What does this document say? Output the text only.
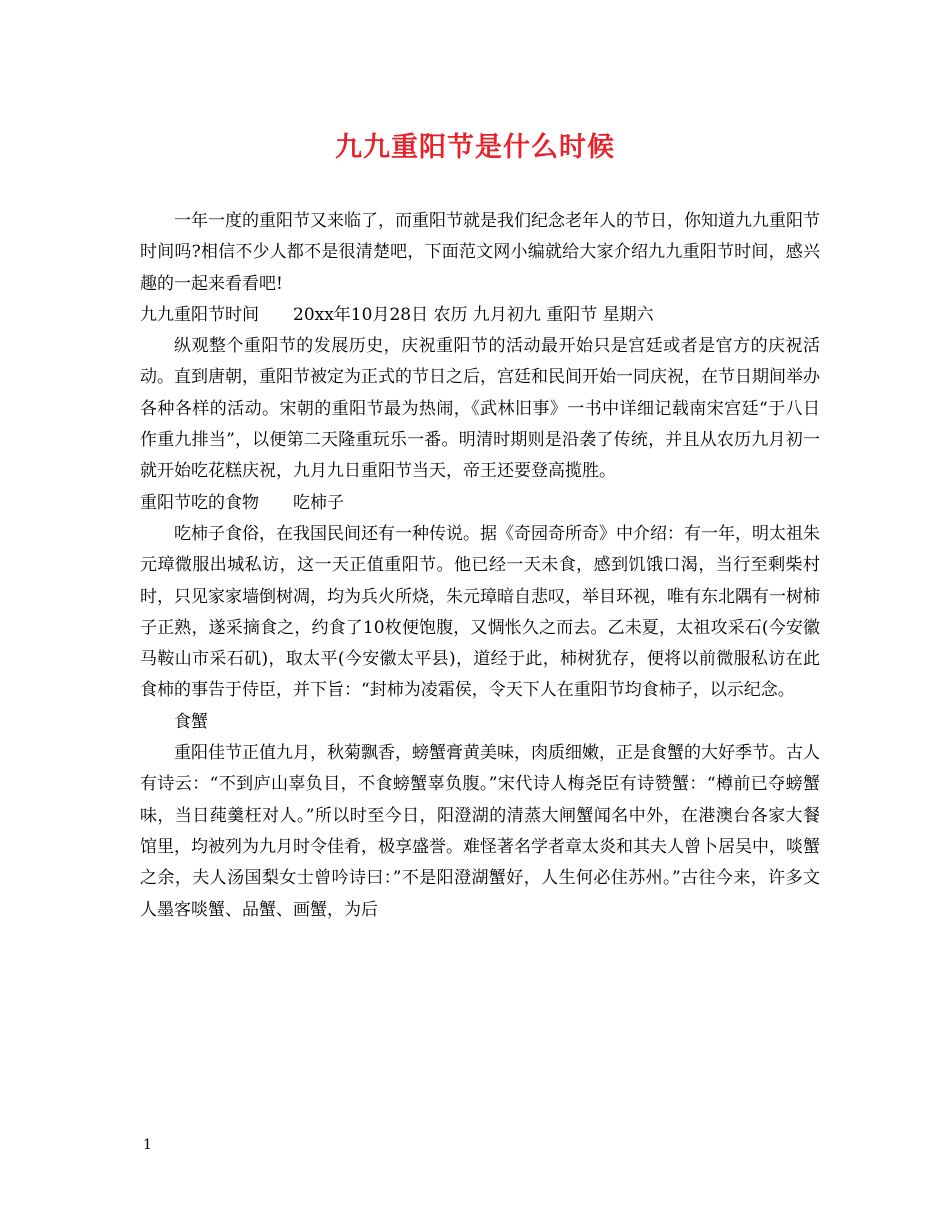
九九重阳节是什么时候

一年一度的重阳节又来临了，而重阳节就是我们纪念老年人的节日，你知道九九重阳节时间吗?相信不少人都不是很清楚吧，下面范文网小编就给大家介绍九九重阳节时间，感兴趣的一起来看看吧!

九九重阳节时间　　20xx年10月28日 农历 九月初九 重阳节 星期六

纵观整个重阳节的发展历史，庆祝重阳节的活动最开始只是宫廷或者是官方的庆祝活动。直到唐朝，重阳节被定为正式的节日之后，宫廷和民间开始一同庆祝，在节日期间举办各种各样的活动。宋朝的重阳节最为热闹，《武林旧事》一书中详细记载南宋宫廷“于八日作重九排当”，以便第二天隆重玩乐一番。明清时期则是沿袭了传统，并且从农历九月初一就开始吃花糕庆祝，九月九日重阳节当天，帝王还要登高揽胜。

重阳节吃的食物　　吃柿子

吃柿子食俗，在我国民间还有一种传说。据《奇园奇所奇》中介绍：有一年，明太祖朱元璋微服出城私访，这一天正值重阳节。他已经一天未食，感到饥饿口渴，当行至剩柴村时，只见家家墙倒树凋，均为兵火所烧，朱元璋暗自悲叹，举目环视，唯有东北隅有一树柿子正熟，遂采摘食之，约食了10枚便饱腹，又惆怅久之而去。乙未夏，太祖攻采石(今安徽马鞍山市采石矶)，取太平(今安徽太平县)，道经于此，柿树犹存，便将以前微服私访在此食柿的事告于侍臣，并下旨：“封柿为凌霜侯，令天下人在重阳节均食柿子，以示纪念。

食蟹

重阳佳节正值九月，秋菊飘香，螃蟹膏黄美味，肉质细嫩，正是食蟹的大好季节。古人有诗云：“不到庐山辜负目，不食螃蟹辜负腹。”宋代诗人梅尧臣有诗赞蟹：“樽前已夺螃蟹味，当日莼羹枉对人。”所以时至今日，阳澄湖的清蒸大闸蟹闻名中外，在港澳台各家大餐馆里，均被列为九月时令佳肴，极享盛誉。难怪著名学者章太炎和其夫人曾卜居吴中，啖蟹之余，夫人汤国梨女士曾吟诗曰：”不是阳澄湖蟹好，人生何必住苏州。”古往今来，许多文人墨客啖蟹、品蟹、画蟹，为后

1
